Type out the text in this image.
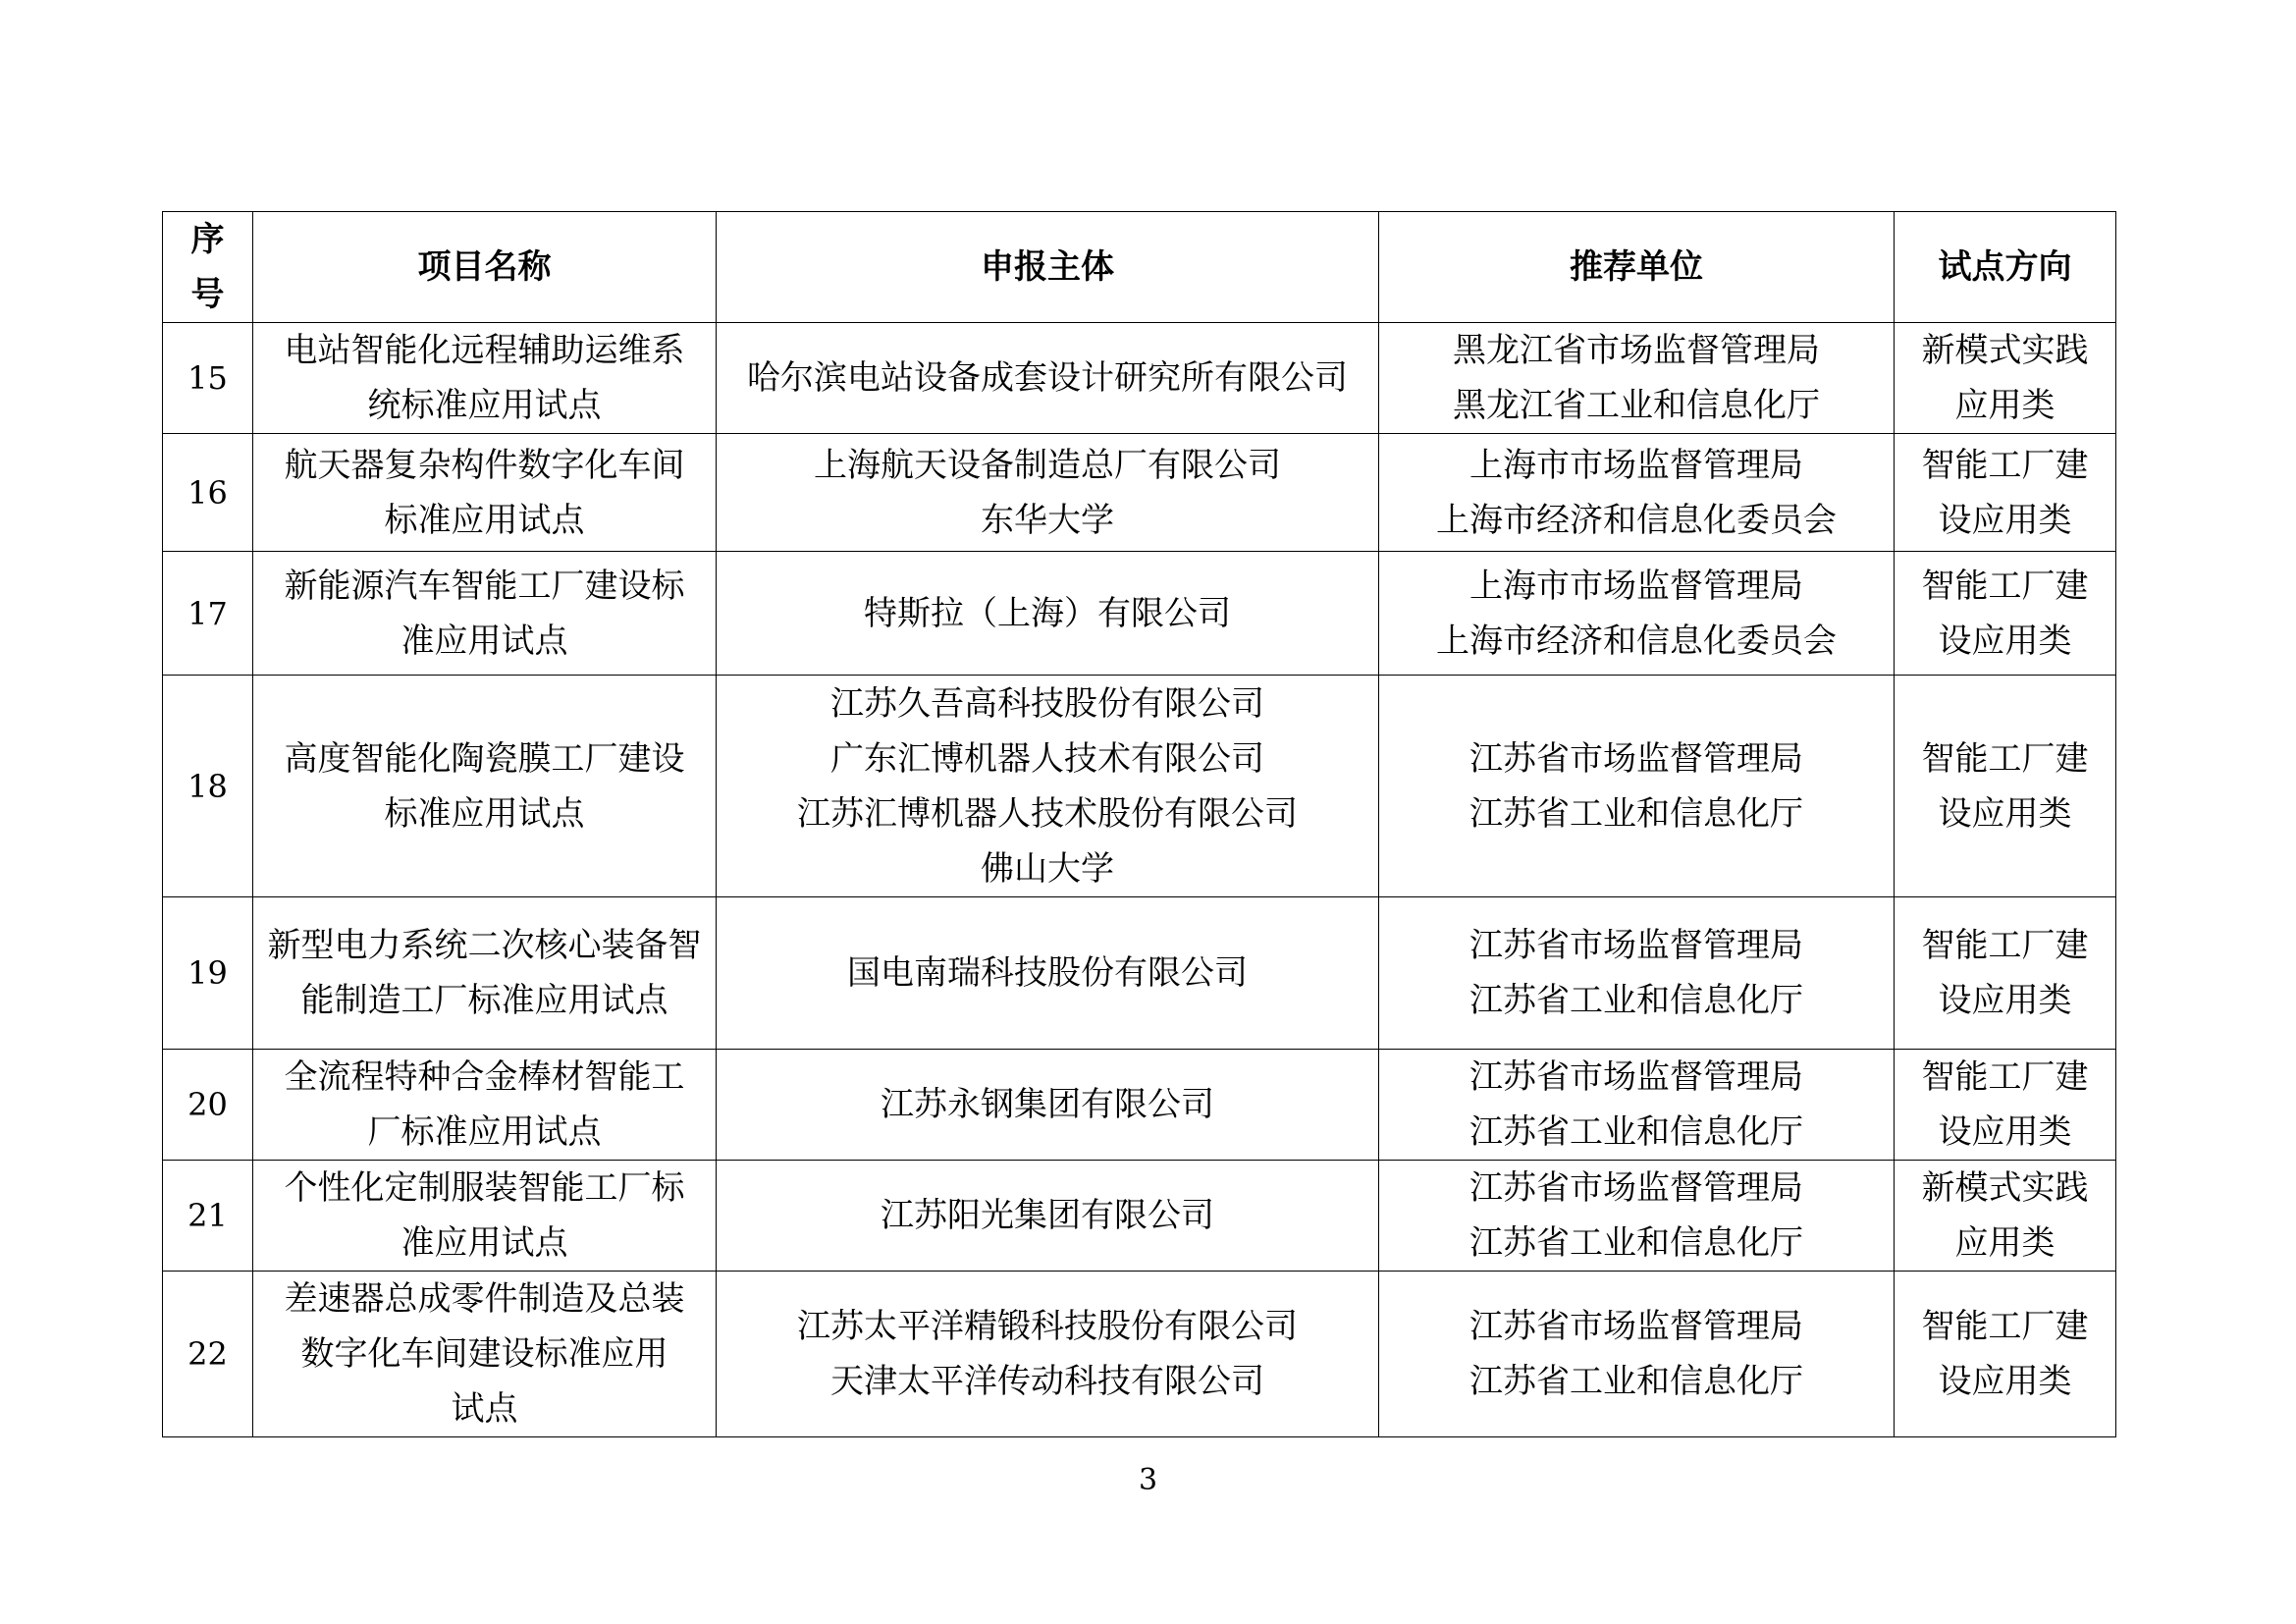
序
号	项目名称	申报主体	推荐单位	试点方向

15	电站智能化远程辅助运维系
统标准应用试点	哈尔滨电站设备成套设计研究所有限公司	黑龙江省市场监督管理局
黑龙江省工业和信息化厅	新模式实践
应用类

16	航天器复杂构件数字化车间
标准应用试点	上海航天设备制造总厂有限公司
东华大学	上海市市场监督管理局
上海市经济和信息化委员会	智能工厂建
设应用类

17	新能源汽车智能工厂建设标
准应用试点	特斯拉（上海）有限公司	上海市市场监督管理局
上海市经济和信息化委员会	智能工厂建
设应用类

18	高度智能化陶瓷膜工厂建设
标准应用试点	江苏久吾高科技股份有限公司
广东汇博机器人技术有限公司
江苏汇博机器人技术股份有限公司
佛山大学	江苏省市场监督管理局
江苏省工业和信息化厅	智能工厂建
设应用类

19	新型电力系统二次核心装备智
能制造工厂标准应用试点	国电南瑞科技股份有限公司	江苏省市场监督管理局
江苏省工业和信息化厅	智能工厂建
设应用类

20	全流程特种合金棒材智能工
厂标准应用试点	江苏永钢集团有限公司	江苏省市场监督管理局
江苏省工业和信息化厅	智能工厂建
设应用类

21	个性化定制服装智能工厂标
准应用试点	江苏阳光集团有限公司	江苏省市场监督管理局
江苏省工业和信息化厅	新模式实践
应用类

22	差速器总成零件制造及总装
数字化车间建设标准应用
试点	江苏太平洋精锻科技股份有限公司
天津太平洋传动科技有限公司	江苏省市场监督管理局
江苏省工业和信息化厅	智能工厂建
设应用类
3
